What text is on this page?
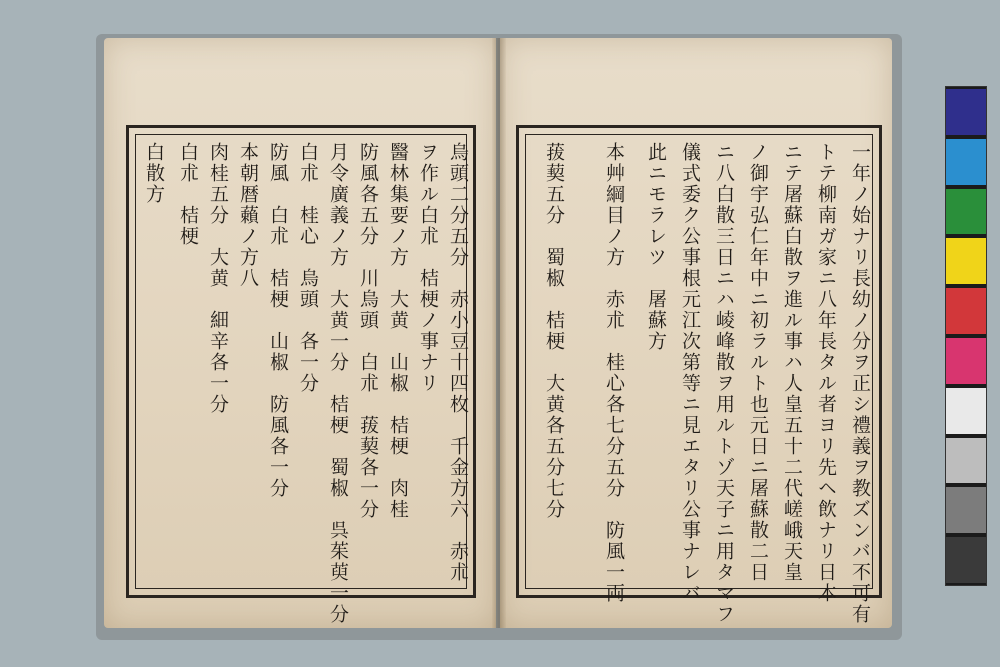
烏頭二分五分　赤小豆十四枚　千金方六　赤朮
ヲ作ル白朮　桔梗ノ事ナリ
醫林集要ノ方　大黄　山椒　桔梗　肉桂
防風各五分　川烏頭　白朮　菝葜各一分
月令廣義ノ方　大黄一分　桔梗　蜀椒　呉茱萸一分
白朮　桂心　烏頭　各一分
防風　白朮　桔梗　山椒　防風各一分
本朝暦藾ノ方八
肉桂五分　大黄　細辛各一分
白朮　桔梗
白散方	一年ノ始ナリ長幼ノ分ヲ正シ禮義ヲ教ズンバ不可有
トテ柳南ガ家ニ八年長タル者ヨリ先ヘ飲ナリ日本
ニテ屠蘇白散ヲ進ル事ハ人皇五十二代嵯峨天皇
ノ御宇弘仁年中ニ初ラルト也元日ニ屠蘇散二日
ニ八白散三日ニハ崚峰散ヲ用ルトゾ天子ニ用タマフ
儀式委ク公事根元江次第等ニ見エタリ公事ナレバ
此ニモラレツ　屠蘇方
本艸綱目ノ方　赤朮　桂心各七分五分　防風一両
菝葜五分　蜀椒　桔梗　大黄各五分七分
